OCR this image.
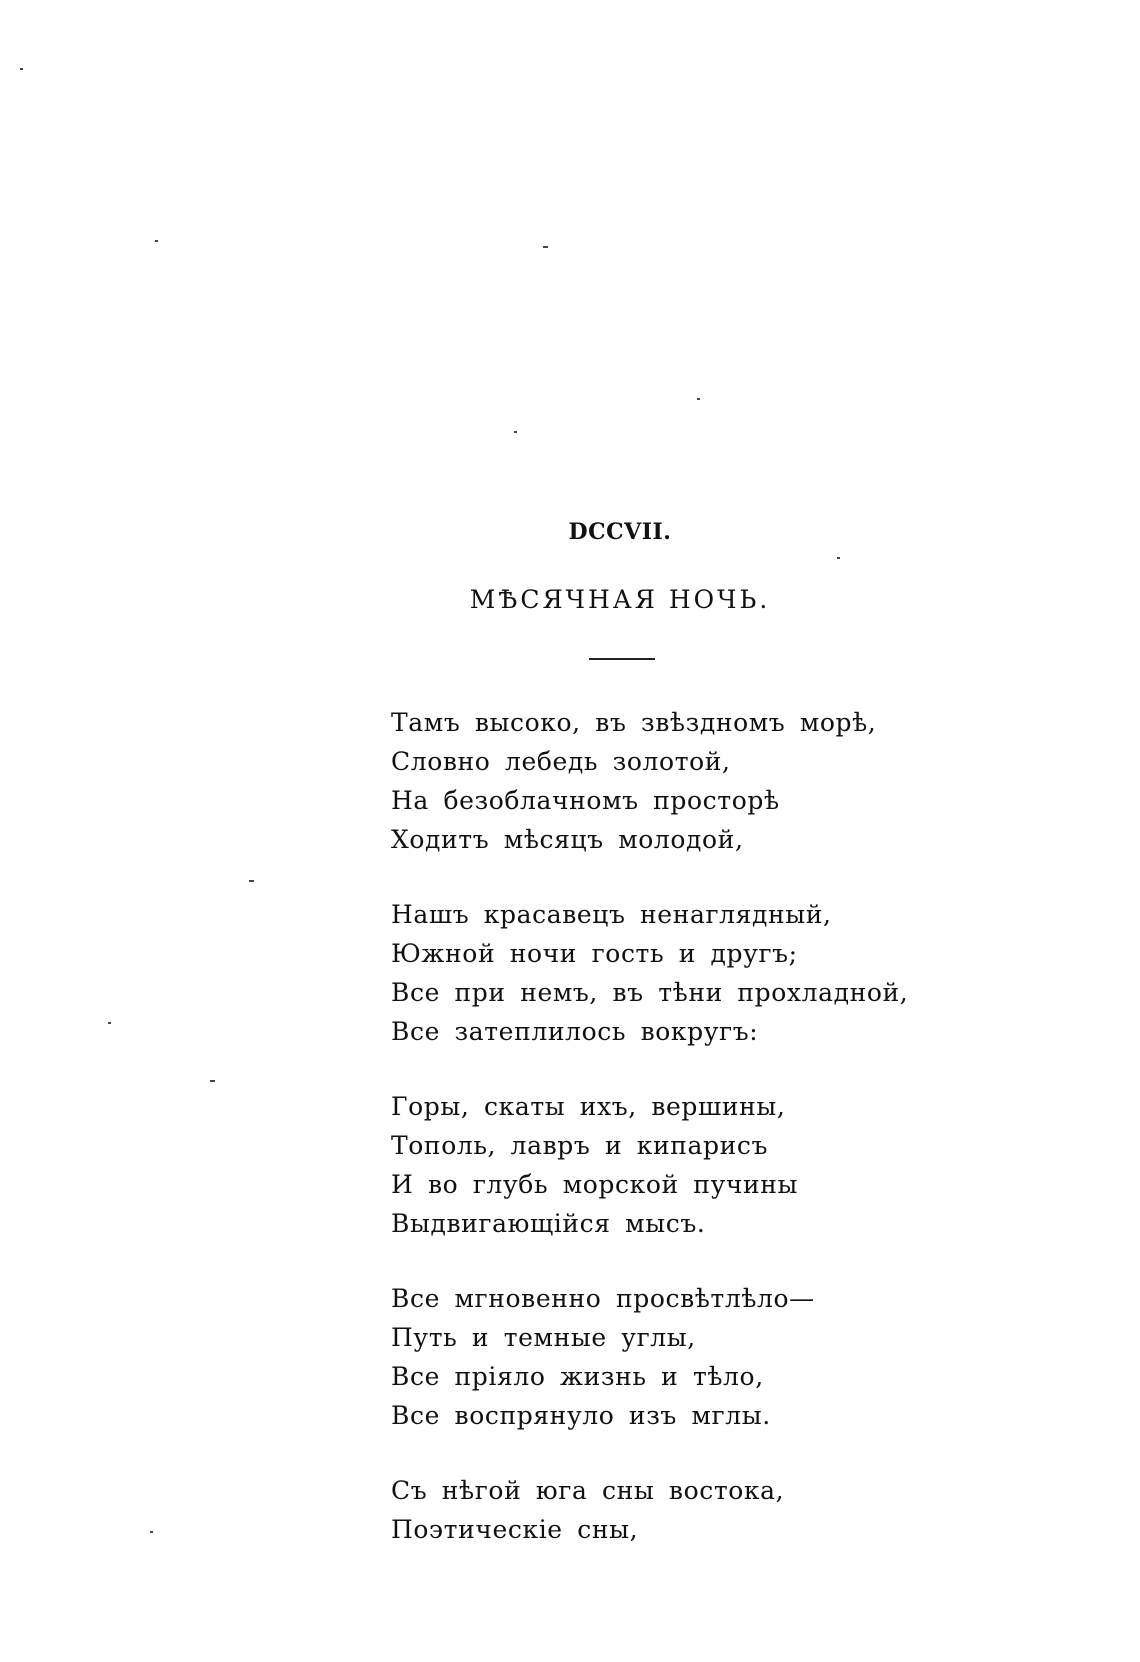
DCCVII.
МѢСЯЧНАЯ НОЧЬ.
Тамъ высоко, въ звѣздномъ морѣ,
Словно лебедь золотой,
На безоблачномъ просторѣ
Ходитъ мѣсяцъ молодой,
Нашъ красавецъ ненаглядный,
Южной ночи гость и другъ;
Все при немъ, въ тѣни прохладной,
Все затеплилось вокругъ:
Горы, скаты ихъ, вершины,
Тополь, лавръ и кипарисъ
И во глубь морской пучины
Выдвигающійся мысъ.
Все мгновенно просвѣтлѣло—
Путь и темные углы,
Все прiяло жизнь и тѣло,
Все воспрянуло изъ мглы.
Съ нѣгой юга сны востока,
Поэтическiе сны,
